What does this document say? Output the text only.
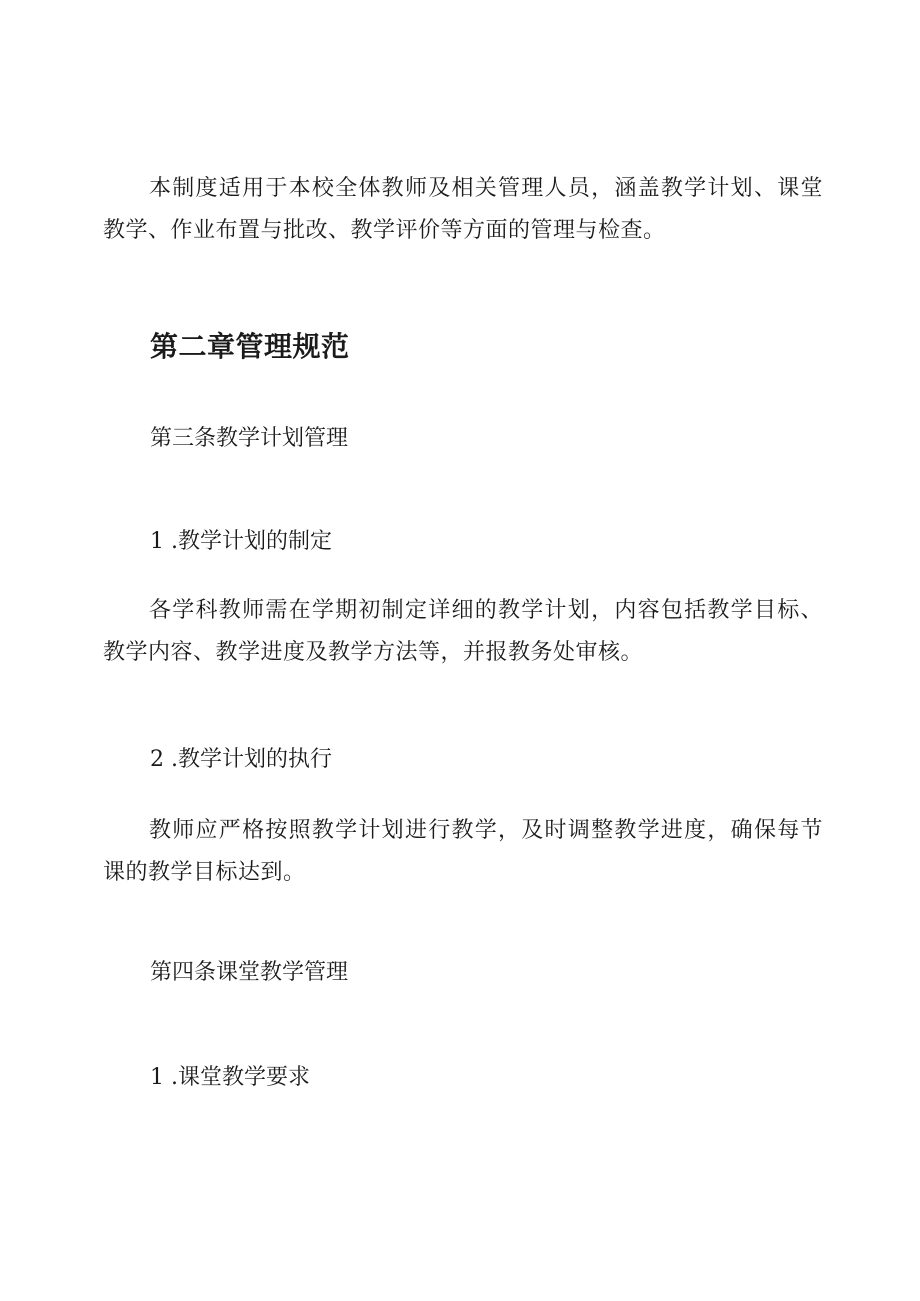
本制度适用于本校全体教师及相关管理人员，涵盖教学计划、课堂教学、作业布置与批改、教学评价等方面的管理与检查。

第二章管理规范
第三条教学计划管理
1 .教学计划的制定

各学科教师需在学期初制定详细的教学计划，内容包括教学目标、教学内容、教学进度及教学方法等，并报教务处审核。

2 .教学计划的执行

教师应严格按照教学计划进行教学，及时调整教学进度，确保每节课的教学目标达到。

第四条课堂教学管理
1 .课堂教学要求
